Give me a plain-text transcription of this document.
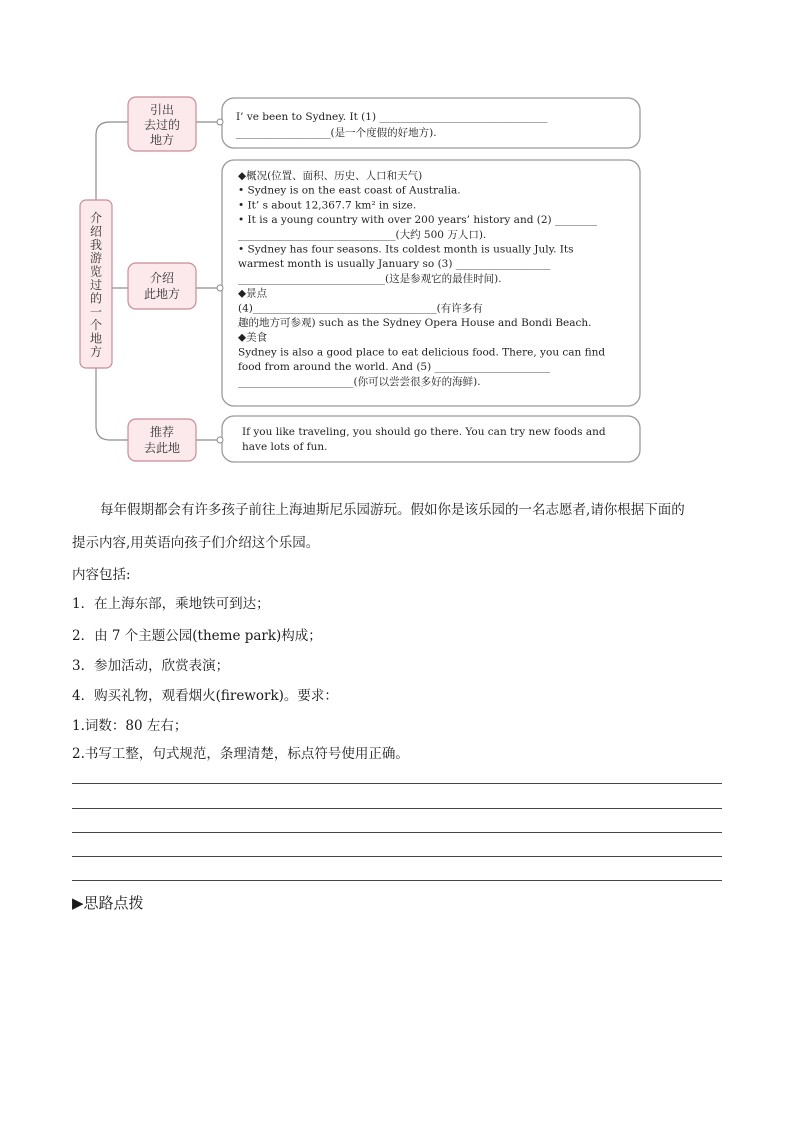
介
绍
我
游
览
过
的
一
个
地
方
引出
去过的
地方
介绍
此地方
推荐
去此地
I’ ve been to Sydney. It (1) ________________________________
__________________(是一个度假的好地方).
◆概况(位置、面积、历史、人口和天气)
• Sydney is on the east coast of Australia.
• It’ s about 12,367.7 km² in size.
• It is a young country with over 200 years’ history and (2) ________
______________________________(大约 500 万人口).
• Sydney has four seasons. Its coldest month is usually July. Its
warmest month is usually January so (3) __________________
____________________________(这是参观它的最佳时间).
◆景点
(4)___________________________________(有许多有
趣的地方可参观) such as the Sydney Opera House and Bondi Beach.
◆美食
Sydney is also a good place to eat delicious food. There, you can find
food from around the world. And (5) ______________________
______________________(你可以尝尝很多好的海鲜).
If you like traveling, you should go there. You can try new foods and
have lots of fun.
每年假期都会有许多孩子前往上海迪斯尼乐园游玩。假如你是该乐园的一名志愿者,请你根据下面的
提示内容,用英语向孩子们介绍这个乐园。
内容包括:
1．在上海东部，乘地铁可到达；
2．由 7 个主题公园(theme park)构成；
3．参加活动，欣赏表演；
4．购买礼物，观看烟火(firework)。要求：
1.词数：80 左右；
2.书写工整，句式规范，条理清楚，标点符号使用正确。
▶思路点拨
